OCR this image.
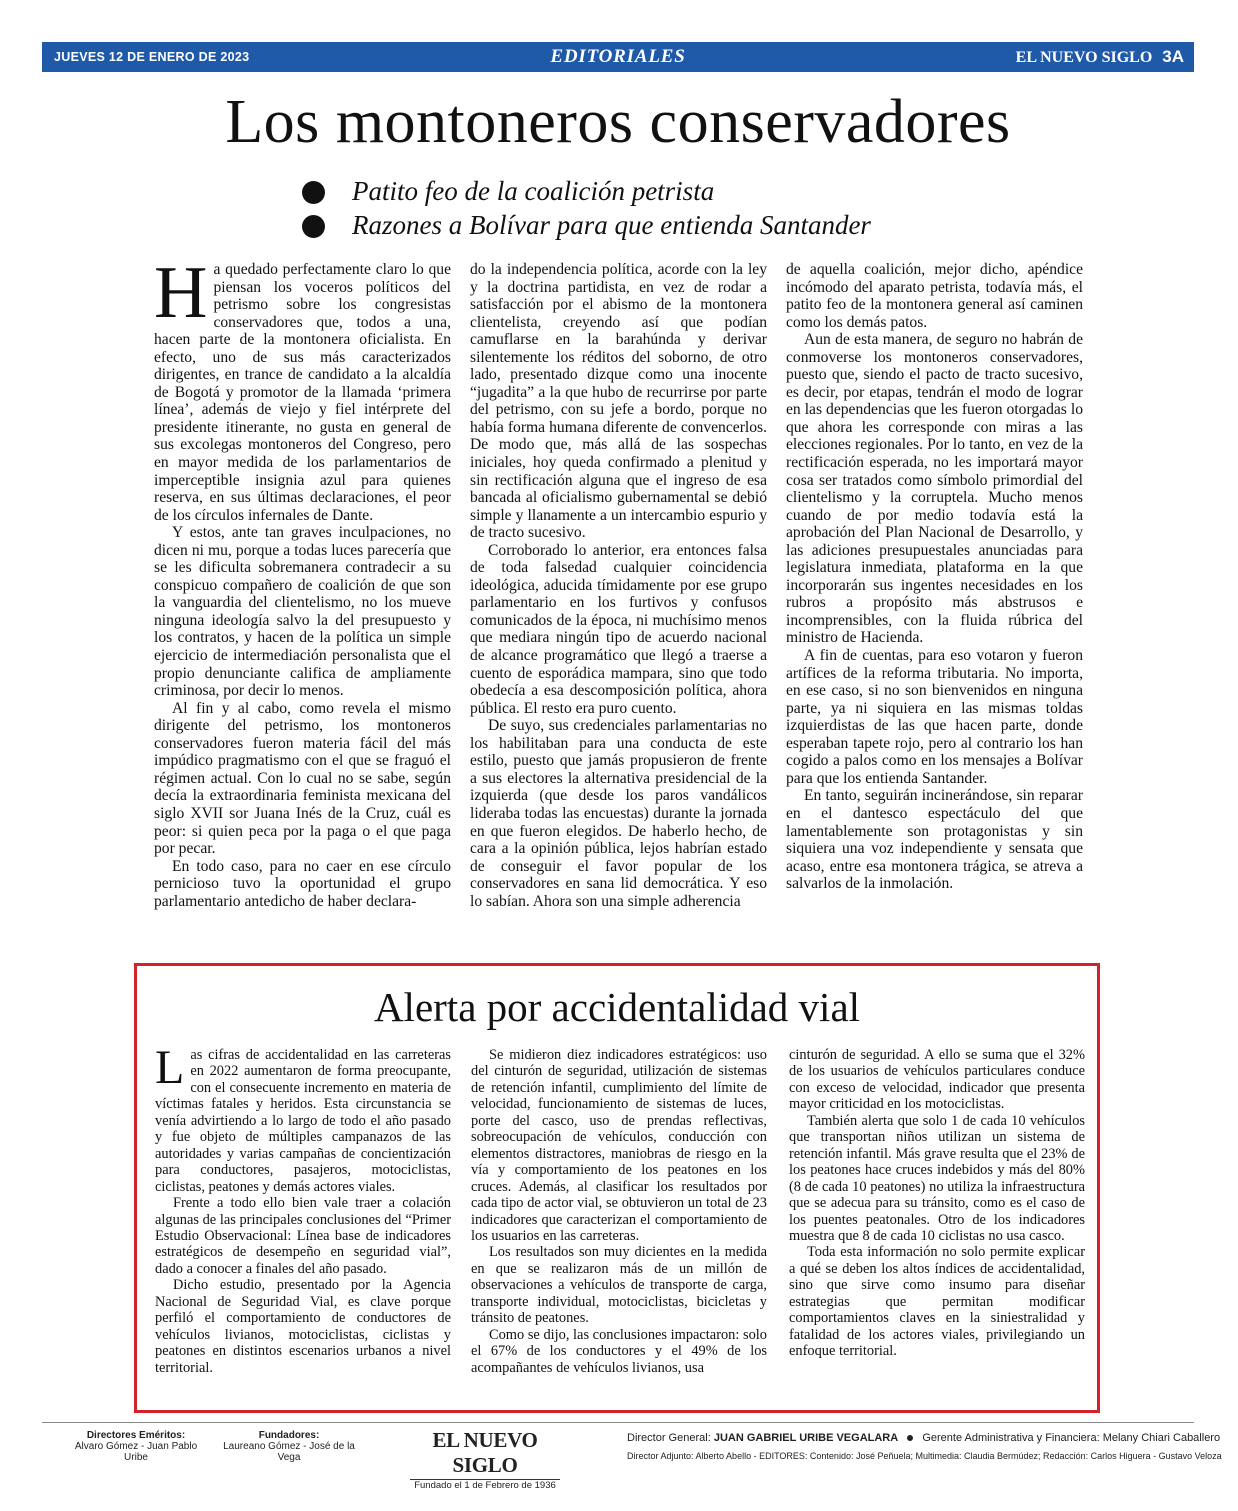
JUEVES 12 DE ENERO DE 2023	EDITORIALES	EL NUEVO SIGLO 3A
Los montoneros conservadores
Patito feo de la coalición petrista
Razones a Bolívar para que entienda Santander

Ha quedado perfectamente claro lo que piensan los voceros políticos del petrismo sobre los congresistas conservadores que, todos a una, hacen parte de la montonera oficialista. En efecto, uno de sus más caracterizados dirigentes, en trance de candidato a la alcaldía de Bogotá y promotor de la llamada ‘primera línea’, además de viejo y fiel intérprete del presidente itinerante, no gusta en general de sus excolegas montoneros del Congreso, pero en mayor medida de los parlamentarios de imperceptible insignia azul para quienes reserva, en sus últimas declaraciones, el peor de los círculos infernales de Dante.

Y estos, ante tan graves inculpaciones, no dicen ni mu, porque a todas luces parecería que se les dificulta sobremanera contradecir a su conspicuo compañero de coalición de que son la vanguardia del clientelismo, no los mueve ninguna ideología salvo la del presupuesto y los contratos, y hacen de la política un simple ejercicio de intermediación personalista que el propio denunciante califica de ampliamente criminosa, por decir lo menos.

Al fin y al cabo, como revela el mismo dirigente del petrismo, los montoneros conservadores fueron materia fácil del más impúdico pragmatismo con el que se fraguó el régimen actual. Con lo cual no se sabe, según decía la extraordinaria feminista mexicana del siglo XVII sor Juana Inés de la Cruz, cuál es peor: si quien peca por la paga o el que paga por pecar.

En todo caso, para no caer en ese círculo pernicioso tuvo la oportunidad el grupo parlamentario antedicho de haber declara-

do la independencia política, acorde con la ley y la doctrina partidista, en vez de rodar a satisfacción por el abismo de la montonera clientelista, creyendo así que podían camuflarse en la barahúnda y derivar silentemente los réditos del soborno, de otro lado, presentado dizque como una inocente “jugadita” a la que hubo de recurrirse por parte del petrismo, con su jefe a bordo, porque no había forma humana diferente de convencerlos. De modo que, más allá de las sospechas iniciales, hoy queda confirmado a plenitud y sin rectificación alguna que el ingreso de esa bancada al oficialismo gubernamental se debió simple y llanamente a un intercambio espurio y de tracto sucesivo.

Corroborado lo anterior, era entonces falsa de toda falsedad cualquier coincidencia ideológica, aducida tímidamente por ese grupo parlamentario en los furtivos y confusos comunicados de la época, ni muchísimo menos que mediara ningún tipo de acuerdo nacional de alcance programático que llegó a traerse a cuento de esporádica mampara, sino que todo obedecía a esa descomposición política, ahora pública. El resto era puro cuento.

De suyo, sus credenciales parlamentarias no los habilitaban para una conducta de este estilo, puesto que jamás propusieron de frente a sus electores la alternativa presidencial de la izquierda (que desde los paros vandálicos lideraba todas las encuestas) durante la jornada en que fueron elegidos. De haberlo hecho, de cara a la opinión pública, lejos habrían estado de conseguir el favor popular de los conservadores en sana lid democrática. Y eso lo sabían. Ahora son una simple adherencia

de aquella coalición, mejor dicho, apéndice incómodo del aparato petrista, todavía más, el patito feo de la montonera general así caminen como los demás patos.

Aun de esta manera, de seguro no habrán de conmoverse los montoneros conservadores, puesto que, siendo el pacto de tracto sucesivo, es decir, por etapas, tendrán el modo de lograr en las dependencias que les fueron otorgadas lo que ahora les corresponde con miras a las elecciones regionales. Por lo tanto, en vez de la rectificación esperada, no les importará mayor cosa ser tratados como símbolo primordial del clientelismo y la corruptela. Mucho menos cuando de por medio todavía está la aprobación del Plan Nacional de Desarrollo, y las adiciones presupuestales anunciadas para legislatura inmediata, plataforma en la que incorporarán sus ingentes necesidades en los rubros a propósito más abstrusos e incomprensibles, con la fluida rúbrica del ministro de Hacienda.

A fin de cuentas, para eso votaron y fueron artífices de la reforma tributaria. No importa, en ese caso, si no son bienvenidos en ninguna parte, ya ni siquiera en las mismas toldas izquierdistas de las que hacen parte, donde esperaban tapete rojo, pero al contrario los han cogido a palos como en los mensajes a Bolívar para que los entienda Santander.

En tanto, seguirán incinerándose, sin reparar en el dantesco espectáculo del que lamentablemente son protagonistas y sin siquiera una voz independiente y sensata que acaso, entre esa montonera trágica, se atreva a salvarlos de la inmolación.

Alerta por accidentalidad vial

Las cifras de accidentalidad en las carreteras en 2022 aumentaron de forma preocupante, con el consecuente incremento en materia de víctimas fatales y heridos. Esta circunstancia se venía advirtiendo a lo largo de todo el año pasado y fue objeto de múltiples campanazos de las autoridades y varias campañas de concientización para conductores, pasajeros, motociclistas, ciclistas, peatones y demás actores viales.

Frente a todo ello bien vale traer a colación algunas de las principales conclusiones del “Primer Estudio Observacional: Línea base de indicadores estratégicos de desempeño en seguridad vial”, dado a conocer a finales del año pasado.

Dicho estudio, presentado por la Agencia Nacional de Seguridad Vial, es clave porque perfiló el comportamiento de conductores de vehículos livianos, motociclistas, ciclistas y peatones en distintos escenarios urbanos a nivel territorial.

Se midieron diez indicadores estratégicos: uso del cinturón de seguridad, utilización de sistemas de retención infantil, cumplimiento del límite de velocidad, funcionamiento de sistemas de luces, porte del casco, uso de prendas reflectivas, sobreocupación de vehículos, conducción con elementos distractores, maniobras de riesgo en la vía y comportamiento de los peatones en los cruces. Además, al clasificar los resultados por cada tipo de actor vial, se obtuvieron un total de 23 indicadores que caracterizan el comportamiento de los usuarios en las carreteras.

Los resultados son muy dicientes en la medida en que se realizaron más de un millón de observaciones a vehículos de transporte de carga, transporte individual, motociclistas, bicicletas y tránsito de peatones.

Como se dijo, las conclusiones impactaron: solo el 67% de los conductores y el 49% de los acompañantes de vehículos livianos, usa

cinturón de seguridad. A ello se suma que el 32% de los usuarios de vehículos particulares conduce con exceso de velocidad, indicador que presenta mayor criticidad en los motociclistas.

También alerta que solo 1 de cada 10 vehículos que transportan niños utilizan un sistema de retención infantil. Más grave resulta que el 23% de los peatones hace cruces indebidos y más del 80% (8 de cada 10 peatones) no utiliza la infraestructura que se adecua para su tránsito, como es el caso de los puentes peatonales. Otro de los indicadores muestra que 8 de cada 10 ciclistas no usa casco.

Toda esta información no solo permite explicar a qué se deben los altos índices de accidentalidad, sino que sirve como insumo para diseñar estrategias que permitan modificar comportamientos claves en la siniestralidad y fatalidad de los actores viales, privilegiando un enfoque territorial.

Directores Eméritos:
Alvaro Gómez - Juan Pablo Uribe
Fundadores:
Laureano Gómez - José de la Vega
EL NUEVO SIGLO
Fundado el 1 de Febrero de 1936
Director General: JUAN GABRIEL URIBE VEGALARA Gerente Administrativa y Financiera: Melany Chiari Caballero
Director Adjunto: Alberto Abello - EDITORES: Contenido: José Peñuela; Multimedia: Claudia Bermúdez; Redacción: Carlos Higuera - Gustavo Veloza
